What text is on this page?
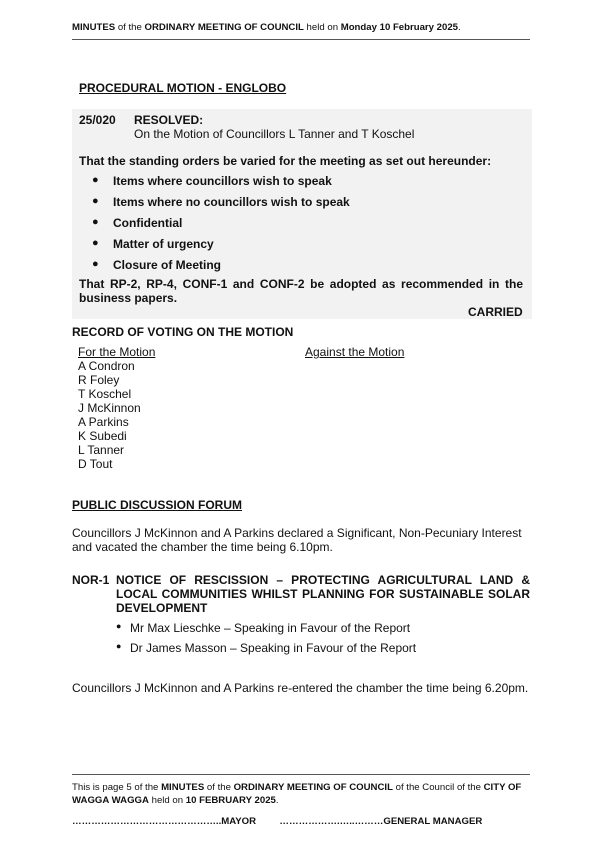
MINUTES of the ORDINARY MEETING OF COUNCIL held on Monday 10 February 2025.
PROCEDURAL MOTION - ENGLOBO
25/020 RESOLVED:
On the Motion of Councillors L Tanner and T Koschel
That the standing orders be varied for the meeting as set out hereunder:
● Items where councillors wish to speak
● Items where no councillors wish to speak
● Confidential
● Matter of urgency
● Closure of Meeting
That RP-2, RP-4, CONF-1 and CONF-2 be adopted as recommended in the
business papers.
CARRIED
RECORD OF VOTING ON THE MOTION
For the Motion	Against the Motion
A Condron
R Foley
T Koschel
J McKinnon
A Parkins
K Subedi
L Tanner
D Tout
PUBLIC DISCUSSION FORUM
Councillors J McKinnon and A Parkins declared a Significant, Non-Pecuniary Interest
and vacated the chamber the time being 6.10pm.
NOR-1 NOTICE OF RESCISSION – PROTECTING AGRICULTURAL LAND &
LOCAL COMMUNITIES WHILST PLANNING FOR SUSTAINABLE SOLAR
DEVELOPMENT
● Mr Max Lieschke – Speaking in Favour of the Report
● Dr James Masson – Speaking in Favour of the Report
Councillors J McKinnon and A Parkins re-entered the chamber the time being 6.20pm.
This is page 5 of the MINUTES of the ORDINARY MEETING OF COUNCIL of the Council of the CITY OF WAGGA WAGGA held on 10 FEBRUARY 2025.
………………………………………..MAYOR ……………….…..………GENERAL MANAGER
